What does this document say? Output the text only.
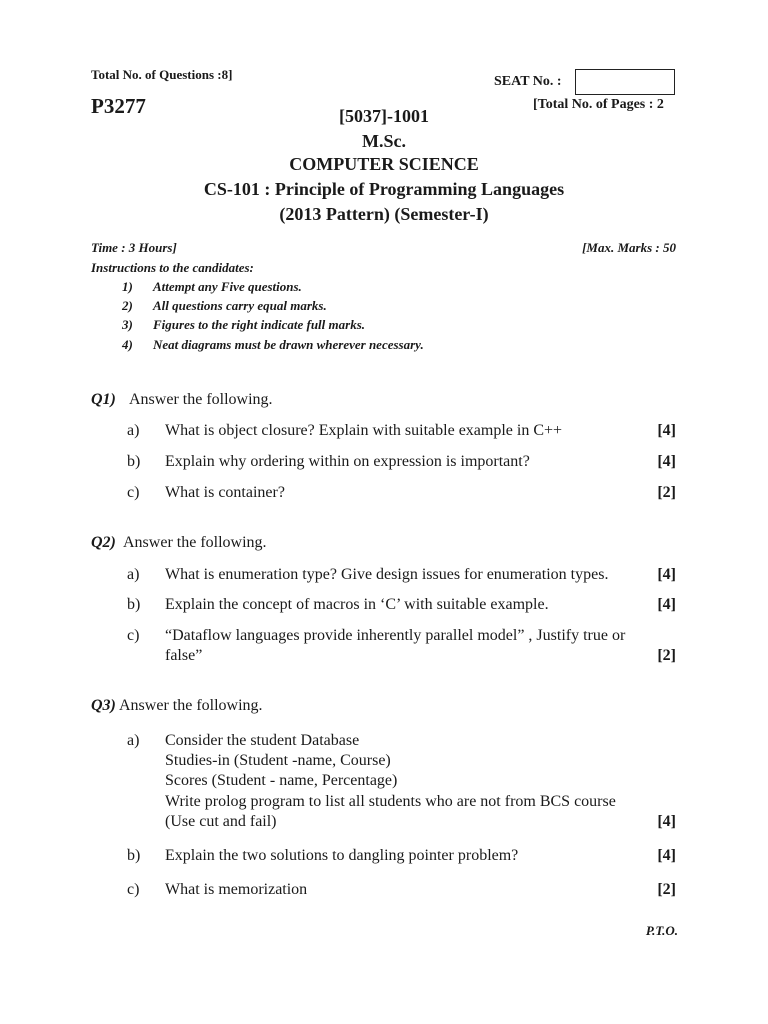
Total No. of Questions :8]	SEAT No. :
P3277	[Total No. of Pages : 2
[5037]-1001
M.Sc.
COMPUTER SCIENCE
CS-101 : Principle of Programming Languages
(2013 Pattern) (Semester-I)
Time : 3 Hours]	[Max. Marks : 50
Instructions to the candidates:
1) Attempt any Five questions.
2) All questions carry equal marks.
3) Figures to the right indicate full marks.
4) Neat diagrams must be drawn wherever necessary.
Q1) Answer the following.
a) What is object closure? Explain with suitable example in C++	[4]
b) Explain why ordering within on expression is important?	[4]
c) What is container?	[2]
Q2) Answer the following.
a) What is enumeration type? Give design issues for enumeration types.	[4]
b) Explain the concept of macros in ‘C’ with suitable example.	[4]
c) “Dataflow languages provide inherently parallel model” , Justify true or
false”	[2]
Q3) Answer the following.
a) Consider the student Database
Studies-in (Student -name, Course)
Scores (Student - name, Percentage)
Write prolog program to list all students who are not from BCS course
(Use cut and fail)	[4]
b) Explain the two solutions to dangling pointer problem?	[4]
c) What is memorization	[2]
P.T.O.
